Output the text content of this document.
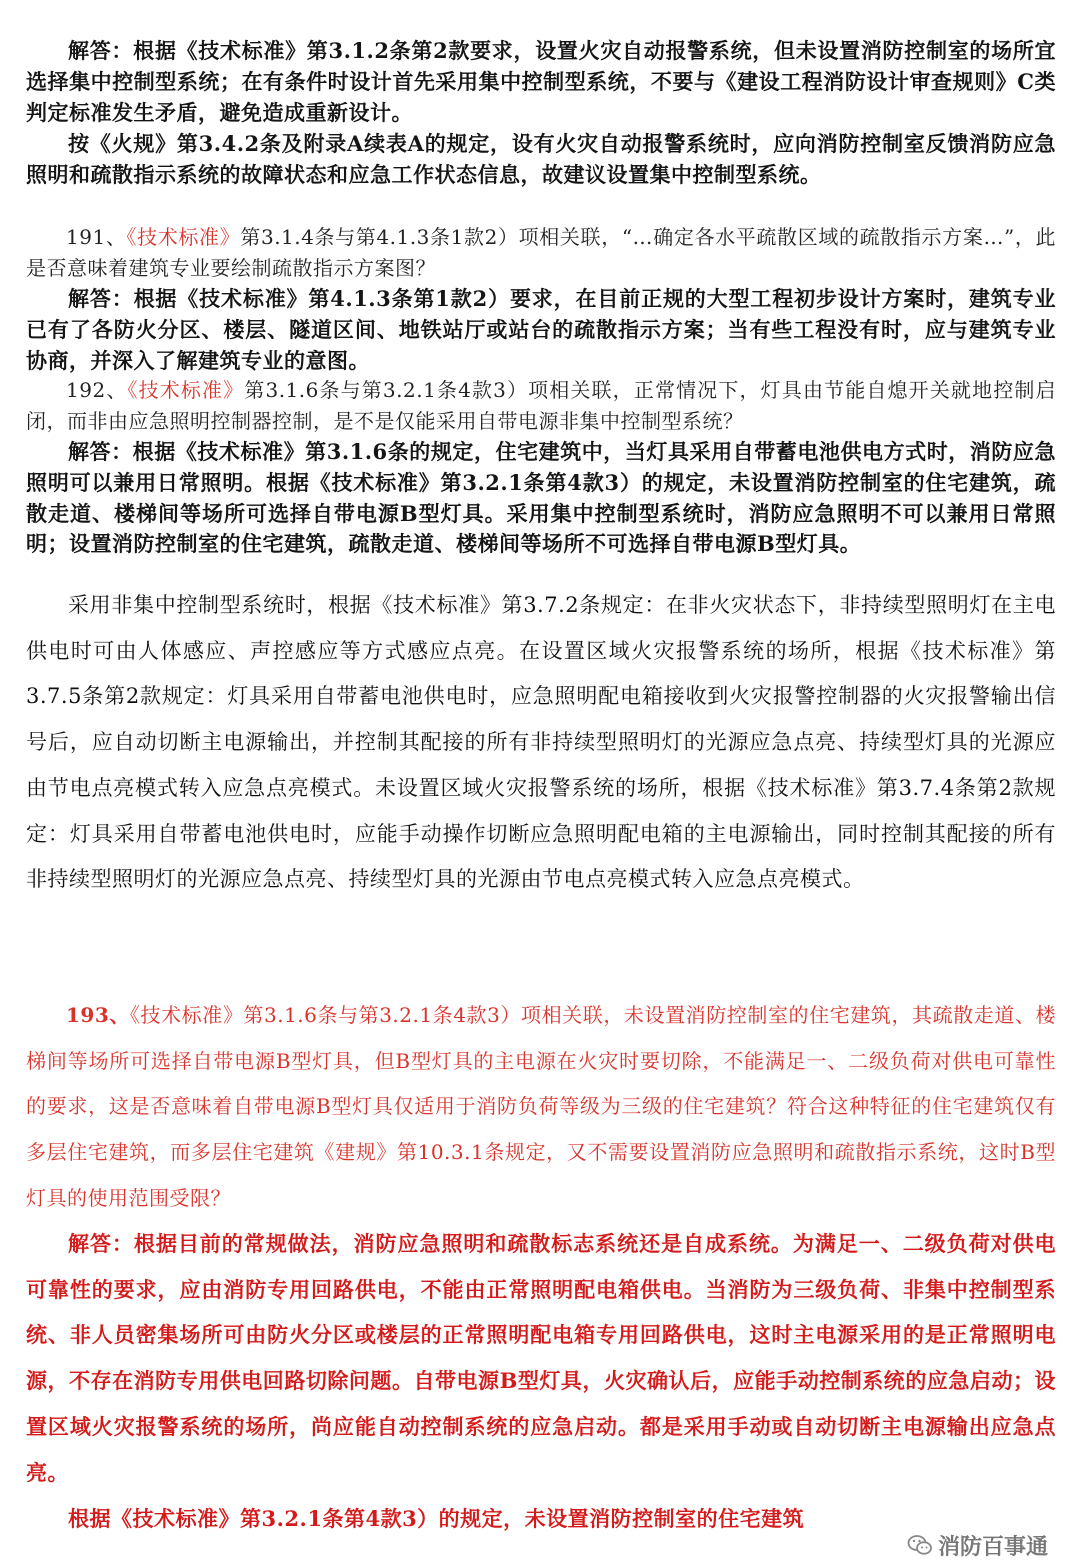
解答：根据《技术标准》第3.1.2条第2款要求，设置火灾自动报警系统，但未设置消防控制室的场所宜选择集中控制型系统；在有条件时设计首先采用集中控制型系统，不要与《建设工程消防设计审查规则》C类判定标准发生矛盾，避免造成重新设计。

按《火规》第3.4.2条及附录A续表A的规定，设有火灾自动报警系统时，应向消防控制室反馈消防应急照明和疏散指示系统的故障状态和应急工作状态信息，故建议设置集中控制型系统。

191、《技术标准》第3.1.4条与第4.1.3条1款2）项相关联，“…确定各水平疏散区域的疏散指示方案…”，此是否意味着建筑专业要绘制疏散指示方案图？

解答：根据《技术标准》第4.1.3条第1款2）要求，在目前正规的大型工程初步设计方案时，建筑专业已有了各防火分区、楼层、隧道区间、地铁站厅或站台的疏散指示方案；当有些工程没有时，应与建筑专业协商，并深入了解建筑专业的意图。

192、《技术标准》第3.1.6条与第3.2.1条4款3）项相关联，正常情况下，灯具由节能自熄开关就地控制启闭，而非由应急照明控制器控制，是不是仅能采用自带电源非集中控制型系统？

解答：根据《技术标准》第3.1.6条的规定，住宅建筑中，当灯具采用自带蓄电池供电方式时，消防应急照明可以兼用日常照明。根据《技术标准》第3.2.1条第4款3）的规定，未设置消防控制室的住宅建筑，疏散走道、楼梯间等场所可选择自带电源B型灯具。采用集中控制型系统时，消防应急照明不可以兼用日常照明；设置消防控制室的住宅建筑，疏散走道、楼梯间等场所不可选择自带电源B型灯具。

采用非集中控制型系统时，根据《技术标准》第3.7.2条规定：在非火灾状态下，非持续型照明灯在主电供电时可由人体感应、声控感应等方式感应点亮。在设置区域火灾报警系统的场所，根据《技术标准》第3.7.5条第2款规定：灯具采用自带蓄电池供电时，应急照明配电箱接收到火灾报警控制器的火灾报警输出信号后，应自动切断主电源输出，并控制其配接的所有非持续型照明灯的光源应急点亮、持续型灯具的光源应由节电点亮模式转入应急点亮模式。未设置区域火灾报警系统的场所，根据《技术标准》第3.7.4条第2款规定：灯具采用自带蓄电池供电时，应能手动操作切断应急照明配电箱的主电源输出，同时控制其配接的所有非持续型照明灯的光源应急点亮、持续型灯具的光源由节电点亮模式转入应急点亮模式。

193、《技术标准》第3.1.6条与第3.2.1条4款3）项相关联，未设置消防控制室的住宅建筑，其疏散走道、楼梯间等场所可选择自带电源B型灯具，但B型灯具的主电源在火灾时要切除，不能满足一、二级负荷对供电可靠性的要求，这是否意味着自带电源B型灯具仅适用于消防负荷等级为三级的住宅建筑？符合这种特征的住宅建筑仅有多层住宅建筑，而多层住宅建筑《建规》第10.3.1条规定，又不需要设置消防应急照明和疏散指示系统，这时B型灯具的使用范围受限？

解答：根据目前的常规做法，消防应急照明和疏散标志系统还是自成系统。为满足一、二级负荷对供电可靠性的要求，应由消防专用回路供电，不能由正常照明配电箱供电。当消防为三级负荷、非集中控制型系统、非人员密集场所可由防火分区或楼层的正常照明配电箱专用回路供电，这时主电源采用的是正常照明电源，不存在消防专用供电回路切除问题。自带电源B型灯具，火灾确认后，应能手动控制系统的应急启动；设置区域火灾报警系统的场所，尚应能自动控制系统的应急启动。都是采用手动或自动切断主电源输出应急点亮。

根据《技术标准》第3.2.1条第4款3）的规定，未设置消防控制室的住宅建筑

消防百事通
